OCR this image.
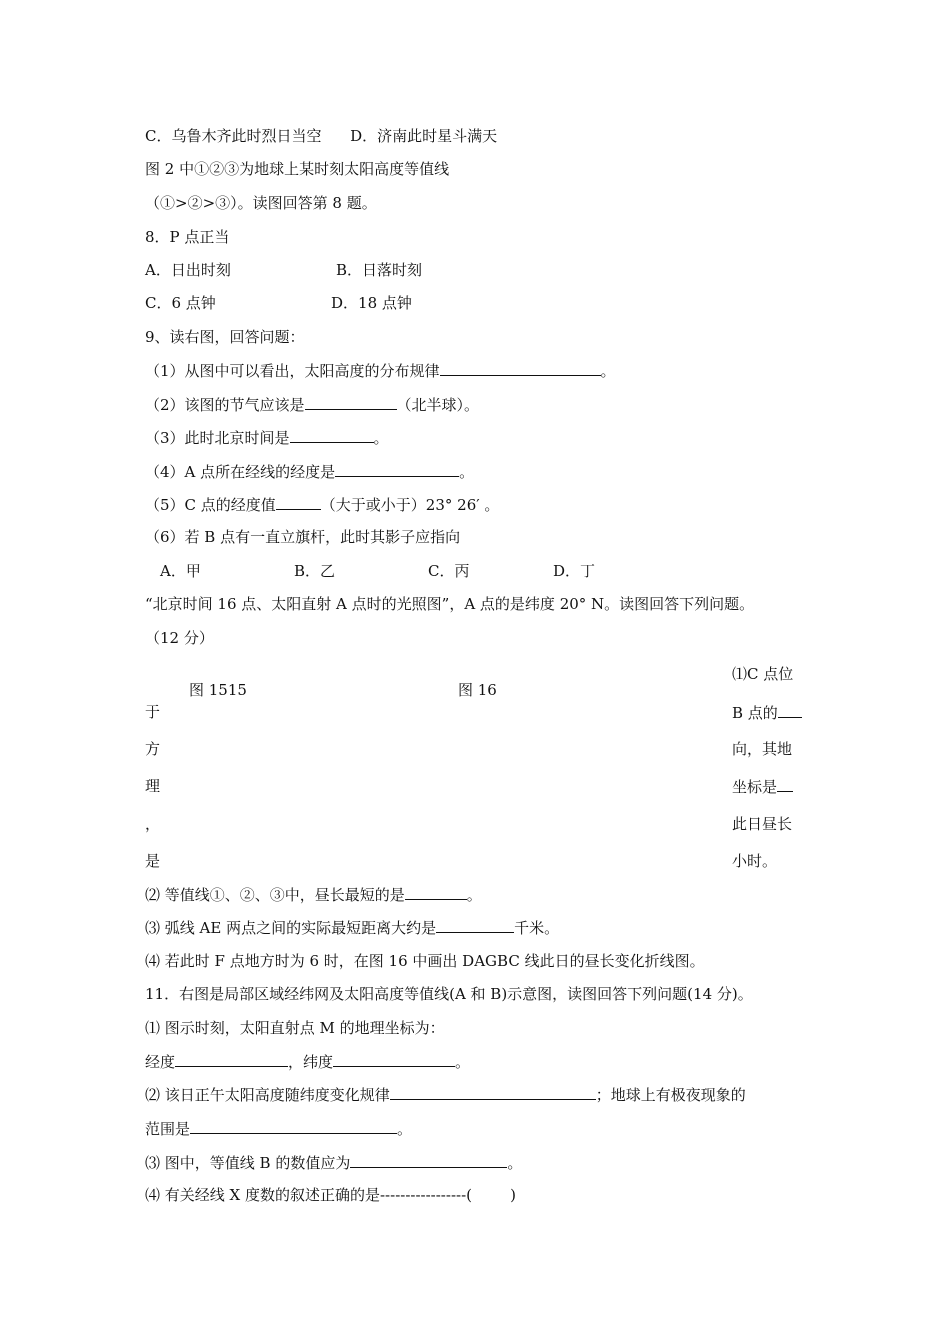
C．乌鲁木齐此时烈日当空      D．济南此时星斗满天
图 2 中①②③为地球上某时刻太阳高度等值线
（①>②>③）。读图回答第 8 题。
8．P 点正当
A．日出时刻	B．日落时刻
C．6 点钟	D．18 点钟
9、读右图，回答问题：
（1）从图中可以看出，太阳高度的分布规律	。
（2）该图的节气应该是	（北半球）。
（3）此时北京时间是	。
（4）A 点所在经线的经度是	。
（5）C 点的经度值	（大于或小于）23° 26′ 。
（6）若 B 点有一直立旗杆，此时其影子应指向
A．甲	B．乙	C．丙	D．丁
“北京时间 16 点、太阳直射 A 点时的光照图”，A 点的是纬度 20° N。读图回答下列问题。
（12 分）
图 1515	图 16
⑴C 点位
B 点的
向，其地
坐标是
此日昼长
小时。
于
方
理
，
是
⑵ 等值线①、②、③中，昼长最短的是	。
⑶ 弧线 AE 两点之间的实际最短距离大约是	千米。
⑷ 若此时 F 点地方时为 6 时，在图 16 中画出 DAGBC 线此日的昼长变化折线图。
11．右图是局部区域经纬网及太阳高度等值线(A 和 B)示意图，读图回答下列问题(14 分)。
⑴ 图示时刻，太阳直射点 M 的地理坐标为：
经度	，纬度	。
⑵ 该日正午太阳高度随纬度变化规律	；地球上有极夜现象的
范围是	。
⑶ 图中，等值线 B 的数值应为	。
⑷ 有关经线 X 度数的叙述正确的是-----------------(        )
